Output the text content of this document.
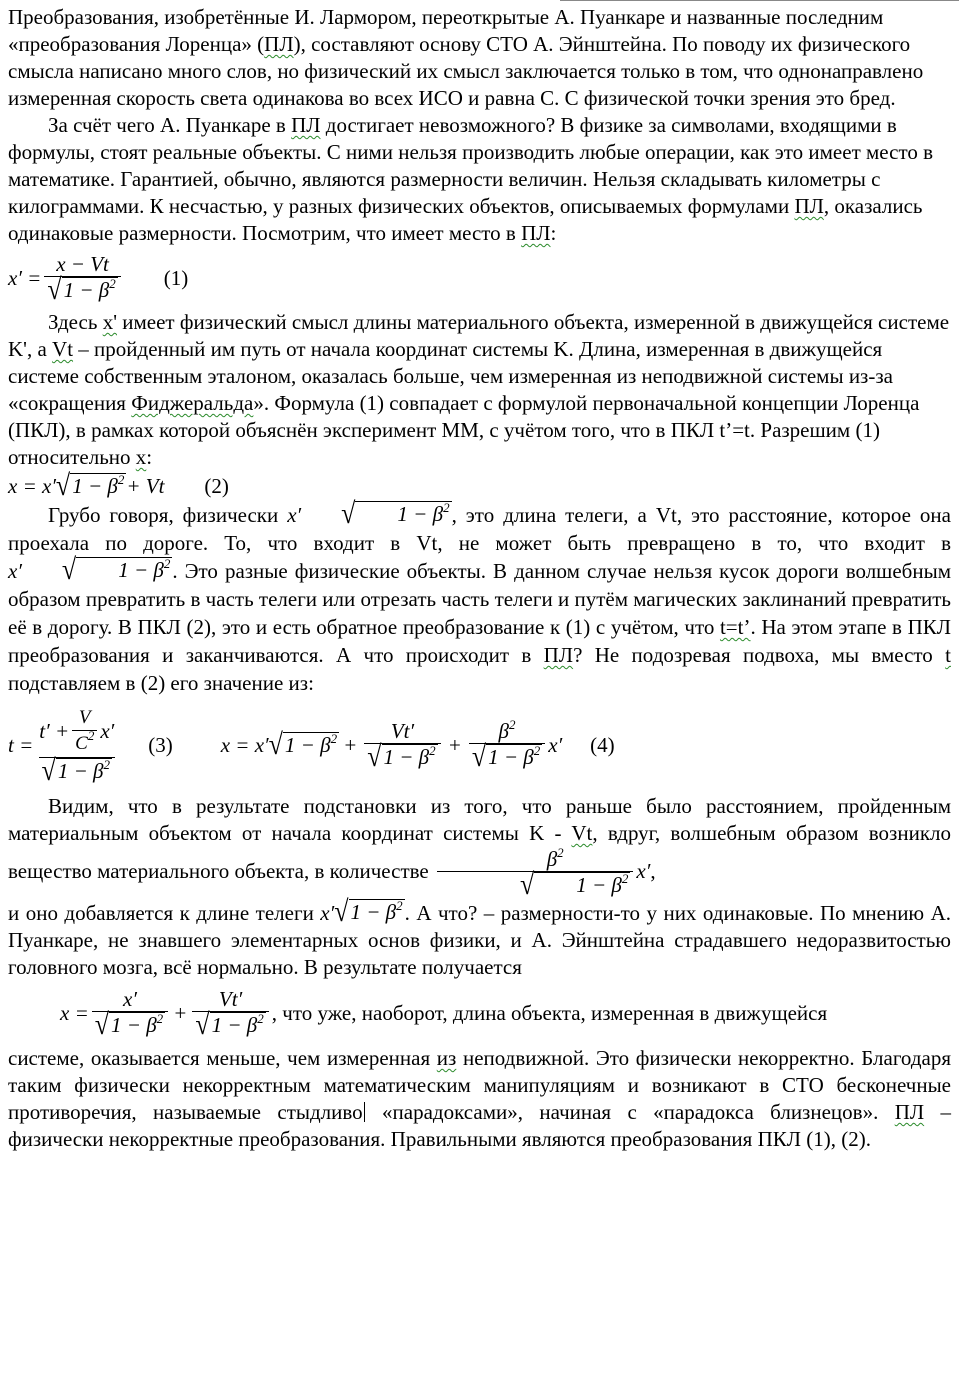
Преобразования, изобретённые И. Лармором, переоткрытые А. Пуанкаре и названные последним «преобразования Лоренца» (ПЛ), составляют основу СТО А. Эйнштейна. По поводу их физического смысла написано много слов, но физический их смысл заключается только в том, что однонаправлено измеренная скорость света одинакова во всех ИСО и равна С. С физической точки зрения это бред.

За счёт чего А. Пуанкаре в ПЛ достигает невозможного? В физике за символами, входящими в формулы, стоят реальные объекты. С ними нельзя производить любые операции, как это имеет место в математике. Гарантией, обычно, являются размерности величин. Нельзя складывать километры с килограммами. К несчастью, у разных физических объектов, описываемых формулами ПЛ, оказались одинаковые размерности. Посмотрим, что имеет место в ПЛ:

$x' = \frac{x - Vt}{√ 1 - \beta^2} (1)$

Здесь x' имеет физический смысл длины материального объекта, измеренной в движущейся системе K', а Vt – пройденный им путь от начала координат системы K. Длина, измеренная в движущейся системе собственным эталоном, оказалась больше, чем измеренная из неподвижной системы из-за «сокращения Фиджеральда». Формула (1) совпадает с формулой первоначальной концепции Лоренца (ПКЛ), в рамках которой объяснён эксперимент ММ, с учётом того, что в ПКЛ t’=t. Разрешим (1) относительно x:

x = x′ √ $1 - \beta^2 + Vt$ (2)

Грубо говоря, физически x′	√	$1 - \beta^2$ , это длина телеги, а Vt, это расстояние, которое она проехала по дороге. То, что входит в Vt, не может быть превращено в то, что входит в x′	√	$1 - \beta^2$ . Это разные физические объекты. В данном случае нельзя кусок дороги волшебным образом превратить в часть телеги или отрезать часть телеги и путём магических заклинаний превратить её в дорогу. В ПКЛ (2), это и есть обратное преобразование к (1) с учётом, что t=t’. На этом этапе в ПКЛ преобразования и заканчиваются. А что происходит в ПЛ? Не подозревая подвоха, мы вместо t подставляем в (2) его значение из:

$t = \frac{t' + \frac{V}{C^2} x'}{√ 1 - \beta^2} (3) x = x'$ √ $1 - \beta^2 + \frac{Vt'}{√ 1 - \beta^2} + \frac{\beta^2}{√ 1 - \beta^2} x'$ (4)

Видим, что в результате подстановки из того, что раньше было расстоянием, пройденным материальным объектом от начала координат системы K - Vt, вдруг, волшебным образом возникло вещество материального объекта, в количестве $\beta^2$
√	$1 - \beta^2$ x′,

и оно добавляется к длине телеги x′ √ $1 - \beta^2$ . А что? – размерности-то у них одинаковые. По мнению А. Пуанкаре, не знавшего элементарных основ физики, и А. Эйнштейна страдавшего недоразвитостью головного мозга, всё нормально. В результате получается

$x = \frac{x'}{√ 1 - \beta^2} + \frac{Vt'}{√ 1 - \beta^2}$ , что уже, наоборот, длина объекта, измеренная в движущейся

системе, оказывается меньше, чем измеренная из неподвижной. Это физически некорректно. Благодаря таким физически некорректным математическим манипуляциям и возникают в СТО бесконечные противоречия, называемые стыдливо «парадоксами», начиная с «парадокса близнецов». ПЛ – физически некорректные преобразования. Правильными являются преобразования ПКЛ (1), (2).
